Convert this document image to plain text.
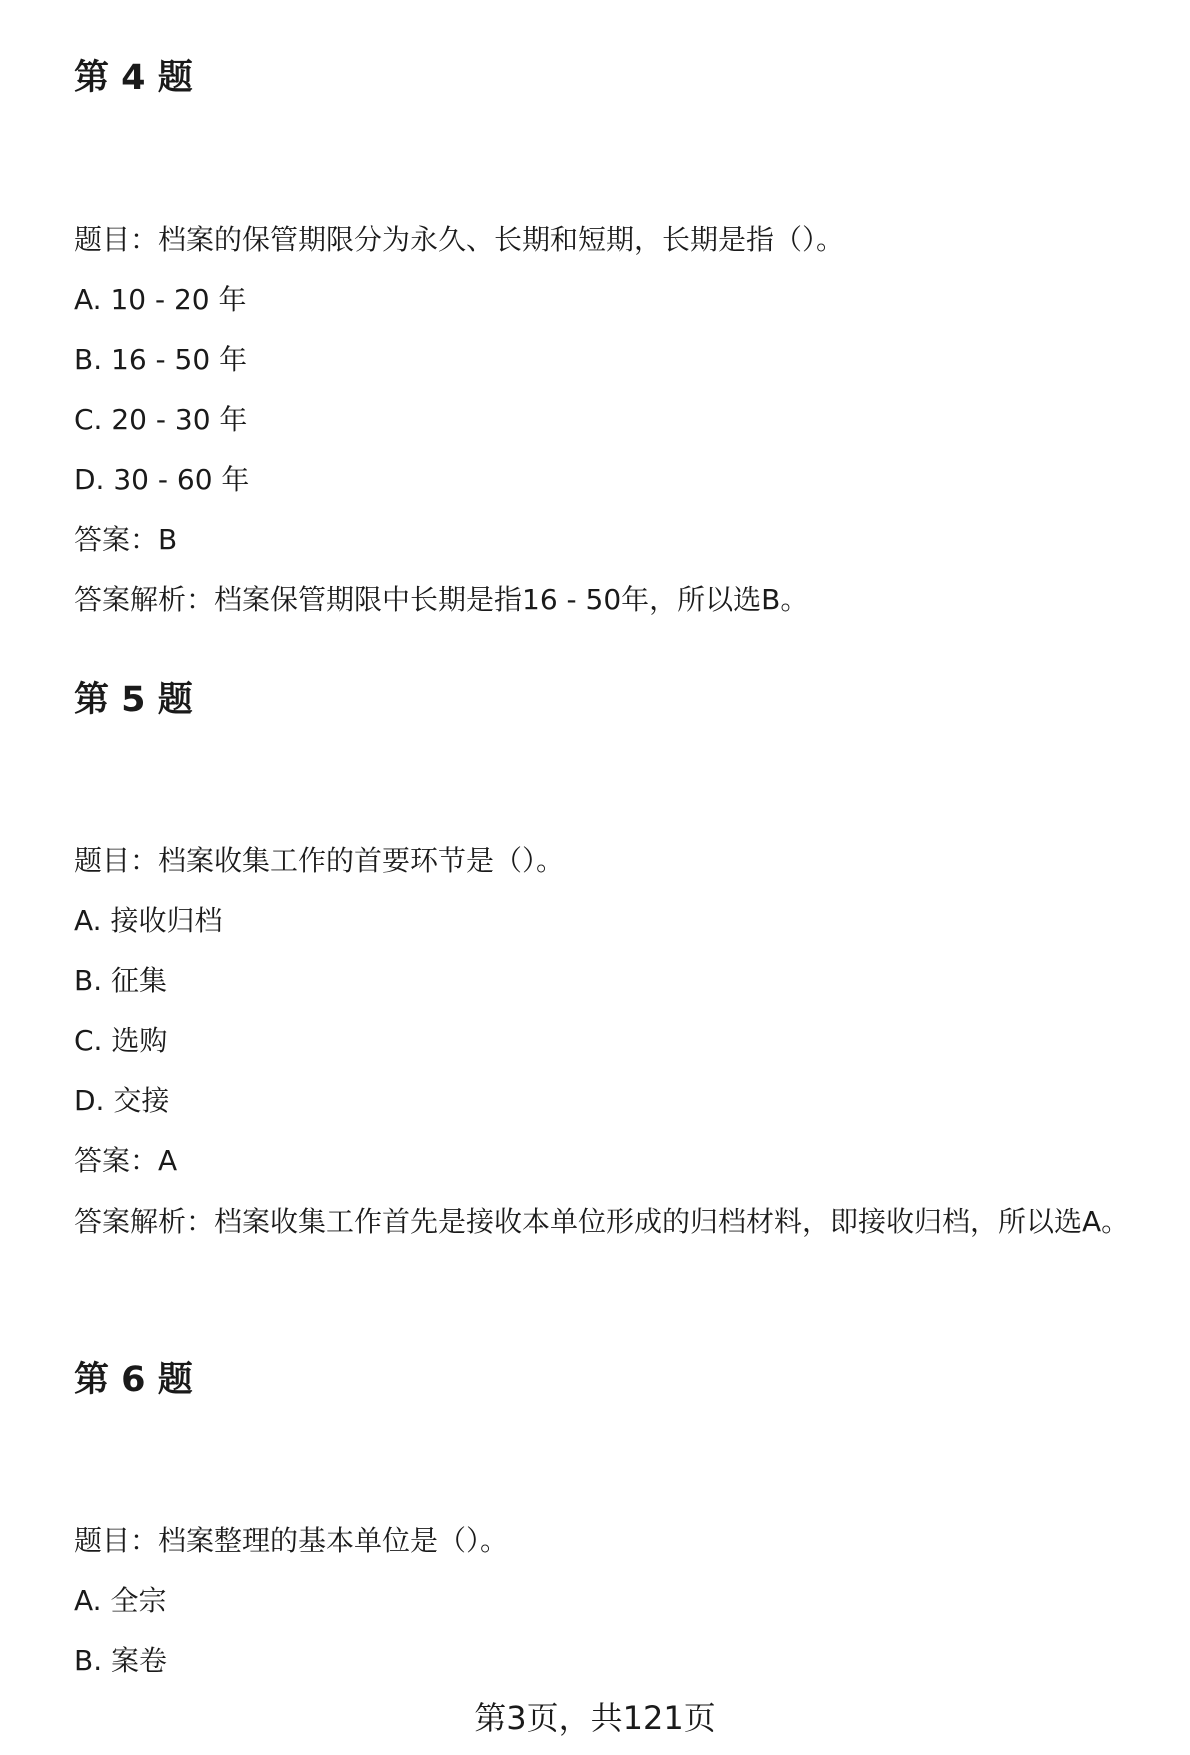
第 4 题

题目：档案的保管期限分为永久、长期和短期，长期是指（）。

A. 10 - 20 年

B. 16 - 50 年

C. 20 - 30 年

D. 30 - 60 年

答案：B

答案解析：档案保管期限中长期是指16 - 50年，所以选B。

第 5 题

题目：档案收集工作的首要环节是（）。

A. 接收归档

B. 征集

C. 选购

D. 交接

答案：A

答案解析：档案收集工作首先是接收本单位形成的归档材料，即接收归档，所以选A。

第 6 题

题目：档案整理的基本单位是（）。

A. 全宗

B. 案卷

第3页，共121页
